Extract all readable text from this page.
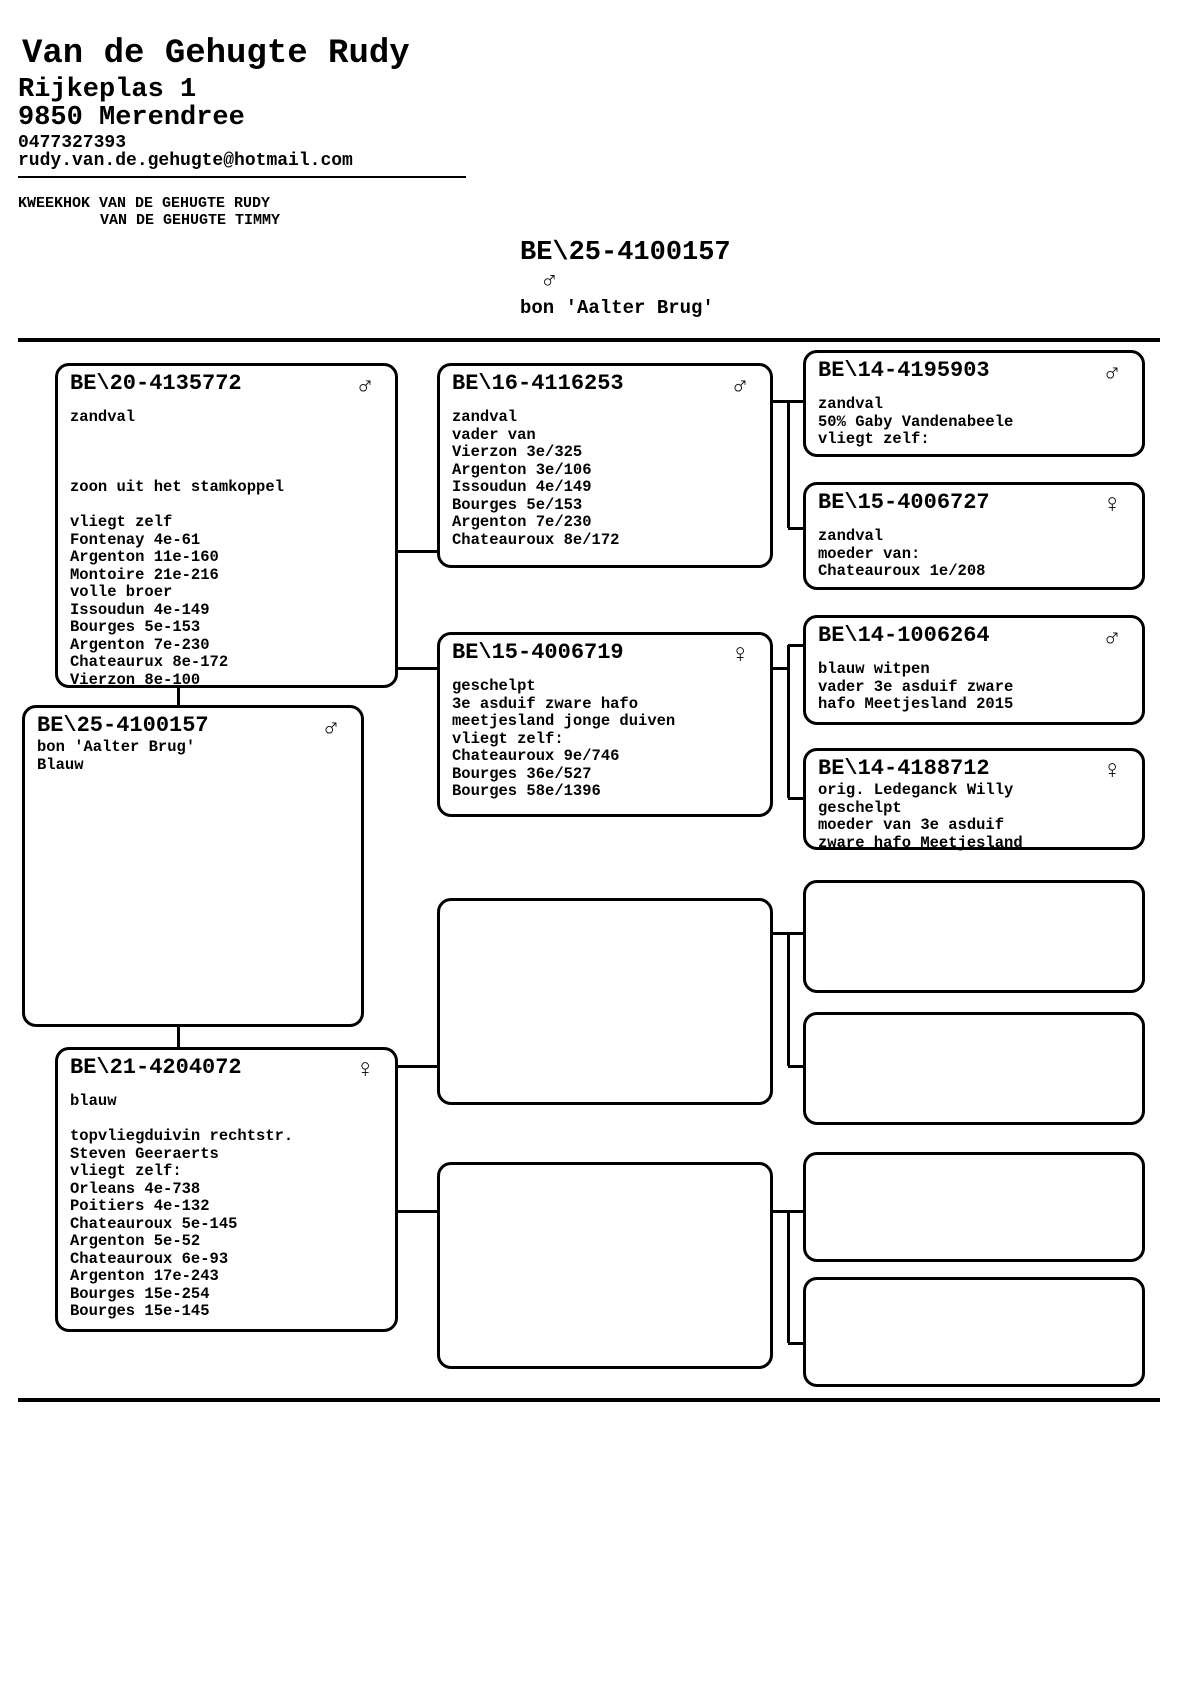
Van de Gehugte Rudy
Rijkeplas 1
9850 Merendree
0477327393
rudy.van.de.gehugte@hotmail.com
KWEEKHOK VAN DE GEHUGTE RUDY
VAN DE GEHUGTE TIMMY
BE\25-4100157
♂
bon 'Aalter Brug'
BE\20-4135772	♂
zandval
zoon uit het stamkoppel
vliegt zelf
Fontenay 4e-61
Argenton 11e-160
Montoire 21e-216
volle broer
Issoudun 4e-149
Bourges 5e-153
Argenton 7e-230
Chateaurux 8e-172
Vierzon 8e-100
BE\16-4116253	♂
zandval
vader van
Vierzon 3e/325
Argenton 3e/106
Issoudun 4e/149
Bourges 5e/153
Argenton 7e/230
Chateauroux 8e/172
BE\14-4195903	♂
zandval
50% Gaby Vandenabeele
vliegt zelf:
BE\15-4006727	♀
zandval
moeder van:
Chateauroux 1e/208
BE\15-4006719	♀
geschelpt
3e asduif zware hafo
meetjesland jonge duiven
vliegt zelf:
Chateauroux 9e/746
Bourges 36e/527
Bourges 58e/1396
BE\14-1006264	♂
blauw witpen
vader 3e asduif zware
hafo Meetjesland 2015
BE\14-4188712	♀
orig. Ledeganck Willy
geschelpt
moeder van 3e asduif
zware hafo Meetjesland
BE\25-4100157	♂
bon 'Aalter Brug'
Blauw
BE\21-4204072	♀
blauw
topvliegduivin rechtstr.
Steven Geeraerts
vliegt zelf:
Orleans 4e-738
Poitiers 4e-132
Chateauroux 5e-145
Argenton 5e-52
Chateauroux 6e-93
Argenton 17e-243
Bourges 15e-254
Bourges 15e-145
